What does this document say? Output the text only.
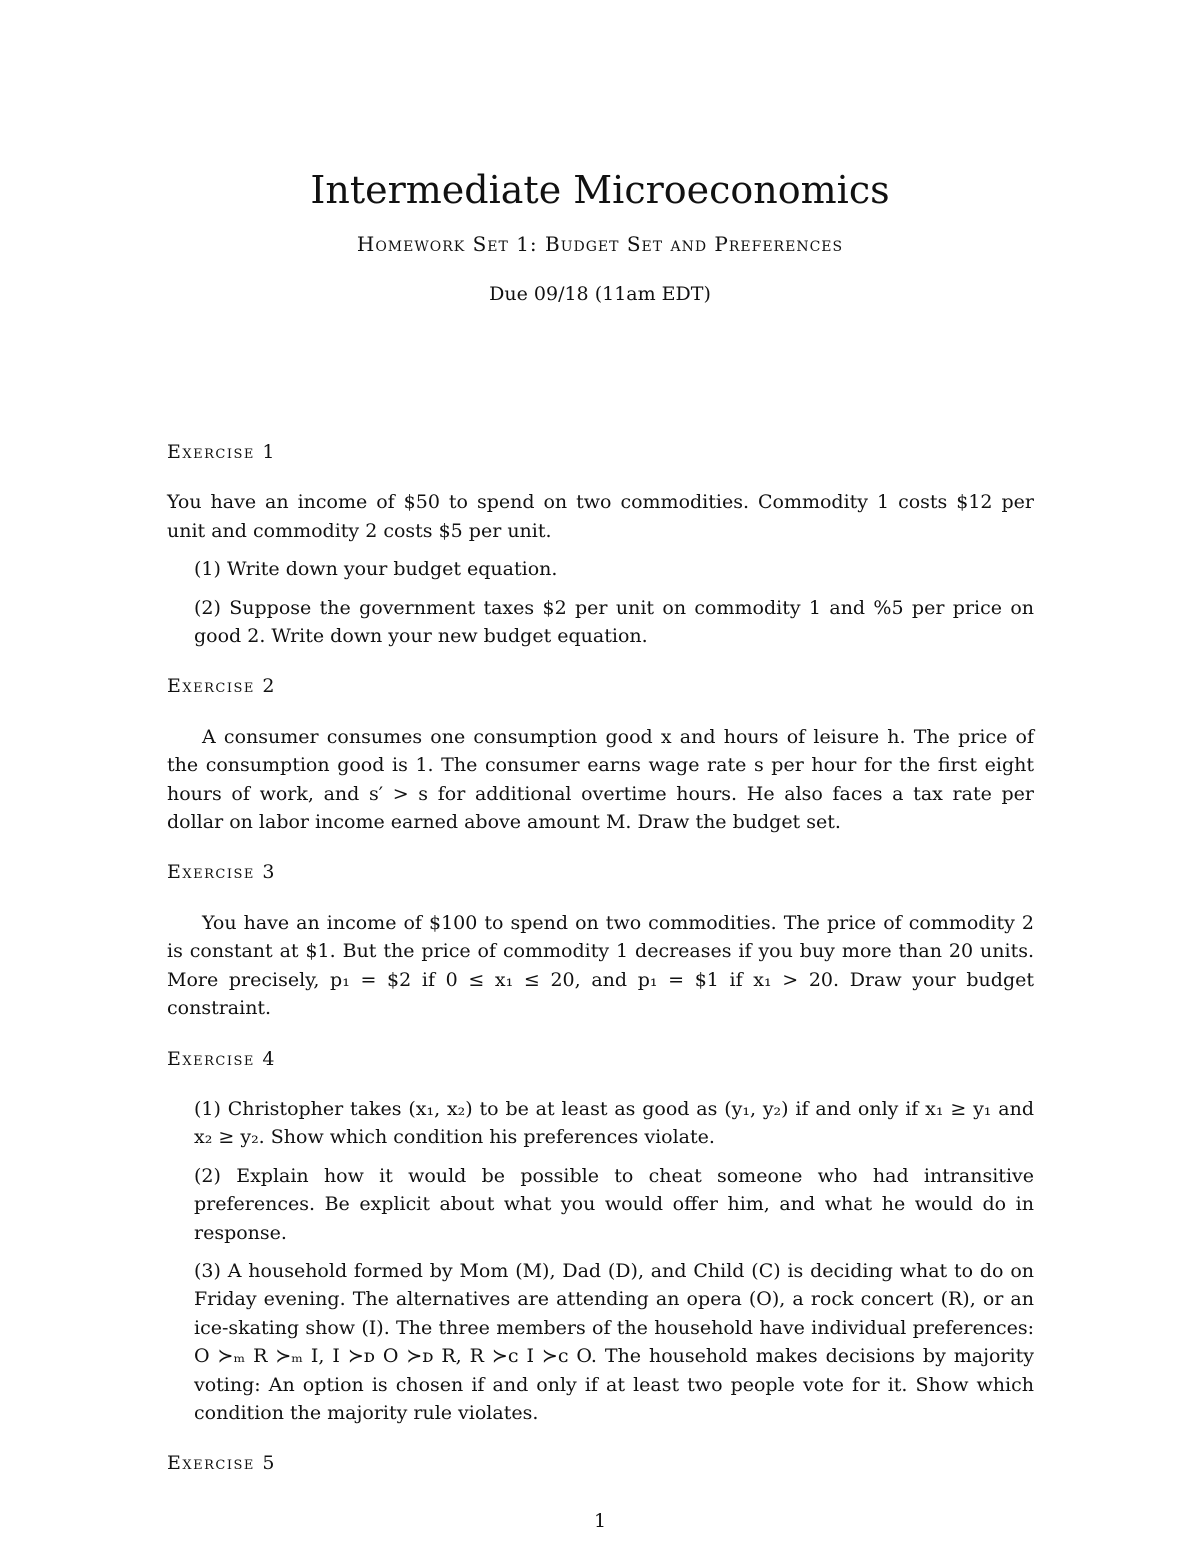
Intermediate Microeconomics

Homework Set 1: Budget Set and Preferences

Due 09/18 (11am EDT)

Exercise 1

You have an income of $50 to spend on two commodities. Commodity 1 costs $12 per unit and commodity 2 costs $5 per unit.

(1) Write down your budget equation.

(2) Suppose the government taxes $2 per unit on commodity 1 and %5 per price on good 2. Write down your new budget equation.

Exercise 2

A consumer consumes one consumption good x and hours of leisure h. The price of the consumption good is 1. The consumer earns wage rate s per hour for the first eight hours of work, and s′ > s for additional overtime hours. He also faces a tax rate per dollar on labor income earned above amount M. Draw the budget set.

Exercise 3

You have an income of $100 to spend on two commodities. The price of commodity 2 is constant at $1. But the price of commodity 1 decreases if you buy more than 20 units. More precisely, p₁ = $2 if 0 ≤ x₁ ≤ 20, and p₁ = $1 if x₁ > 20. Draw your budget constraint.

Exercise 4

(1) Christopher takes (x₁, x₂) to be at least as good as (y₁, y₂) if and only if x₁ ≥ y₁ and x₂ ≥ y₂. Show which condition his preferences violate.

(2) Explain how it would be possible to cheat someone who had intransitive preferences. Be explicit about what you would offer him, and what he would do in response.

(3) A household formed by Mom (M), Dad (D), and Child (C) is deciding what to do on Friday evening. The alternatives are attending an opera (O), a rock concert (R), or an ice-skating show (I). The three members of the household have individual preferences: O ≻ₘ R ≻ₘ I, I ≻ᴅ O ≻ᴅ R, R ≻ᴄ I ≻ᴄ O. The household makes decisions by majority voting: An option is chosen if and only if at least two people vote for it. Show which condition the majority rule violates.

Exercise 5

1
